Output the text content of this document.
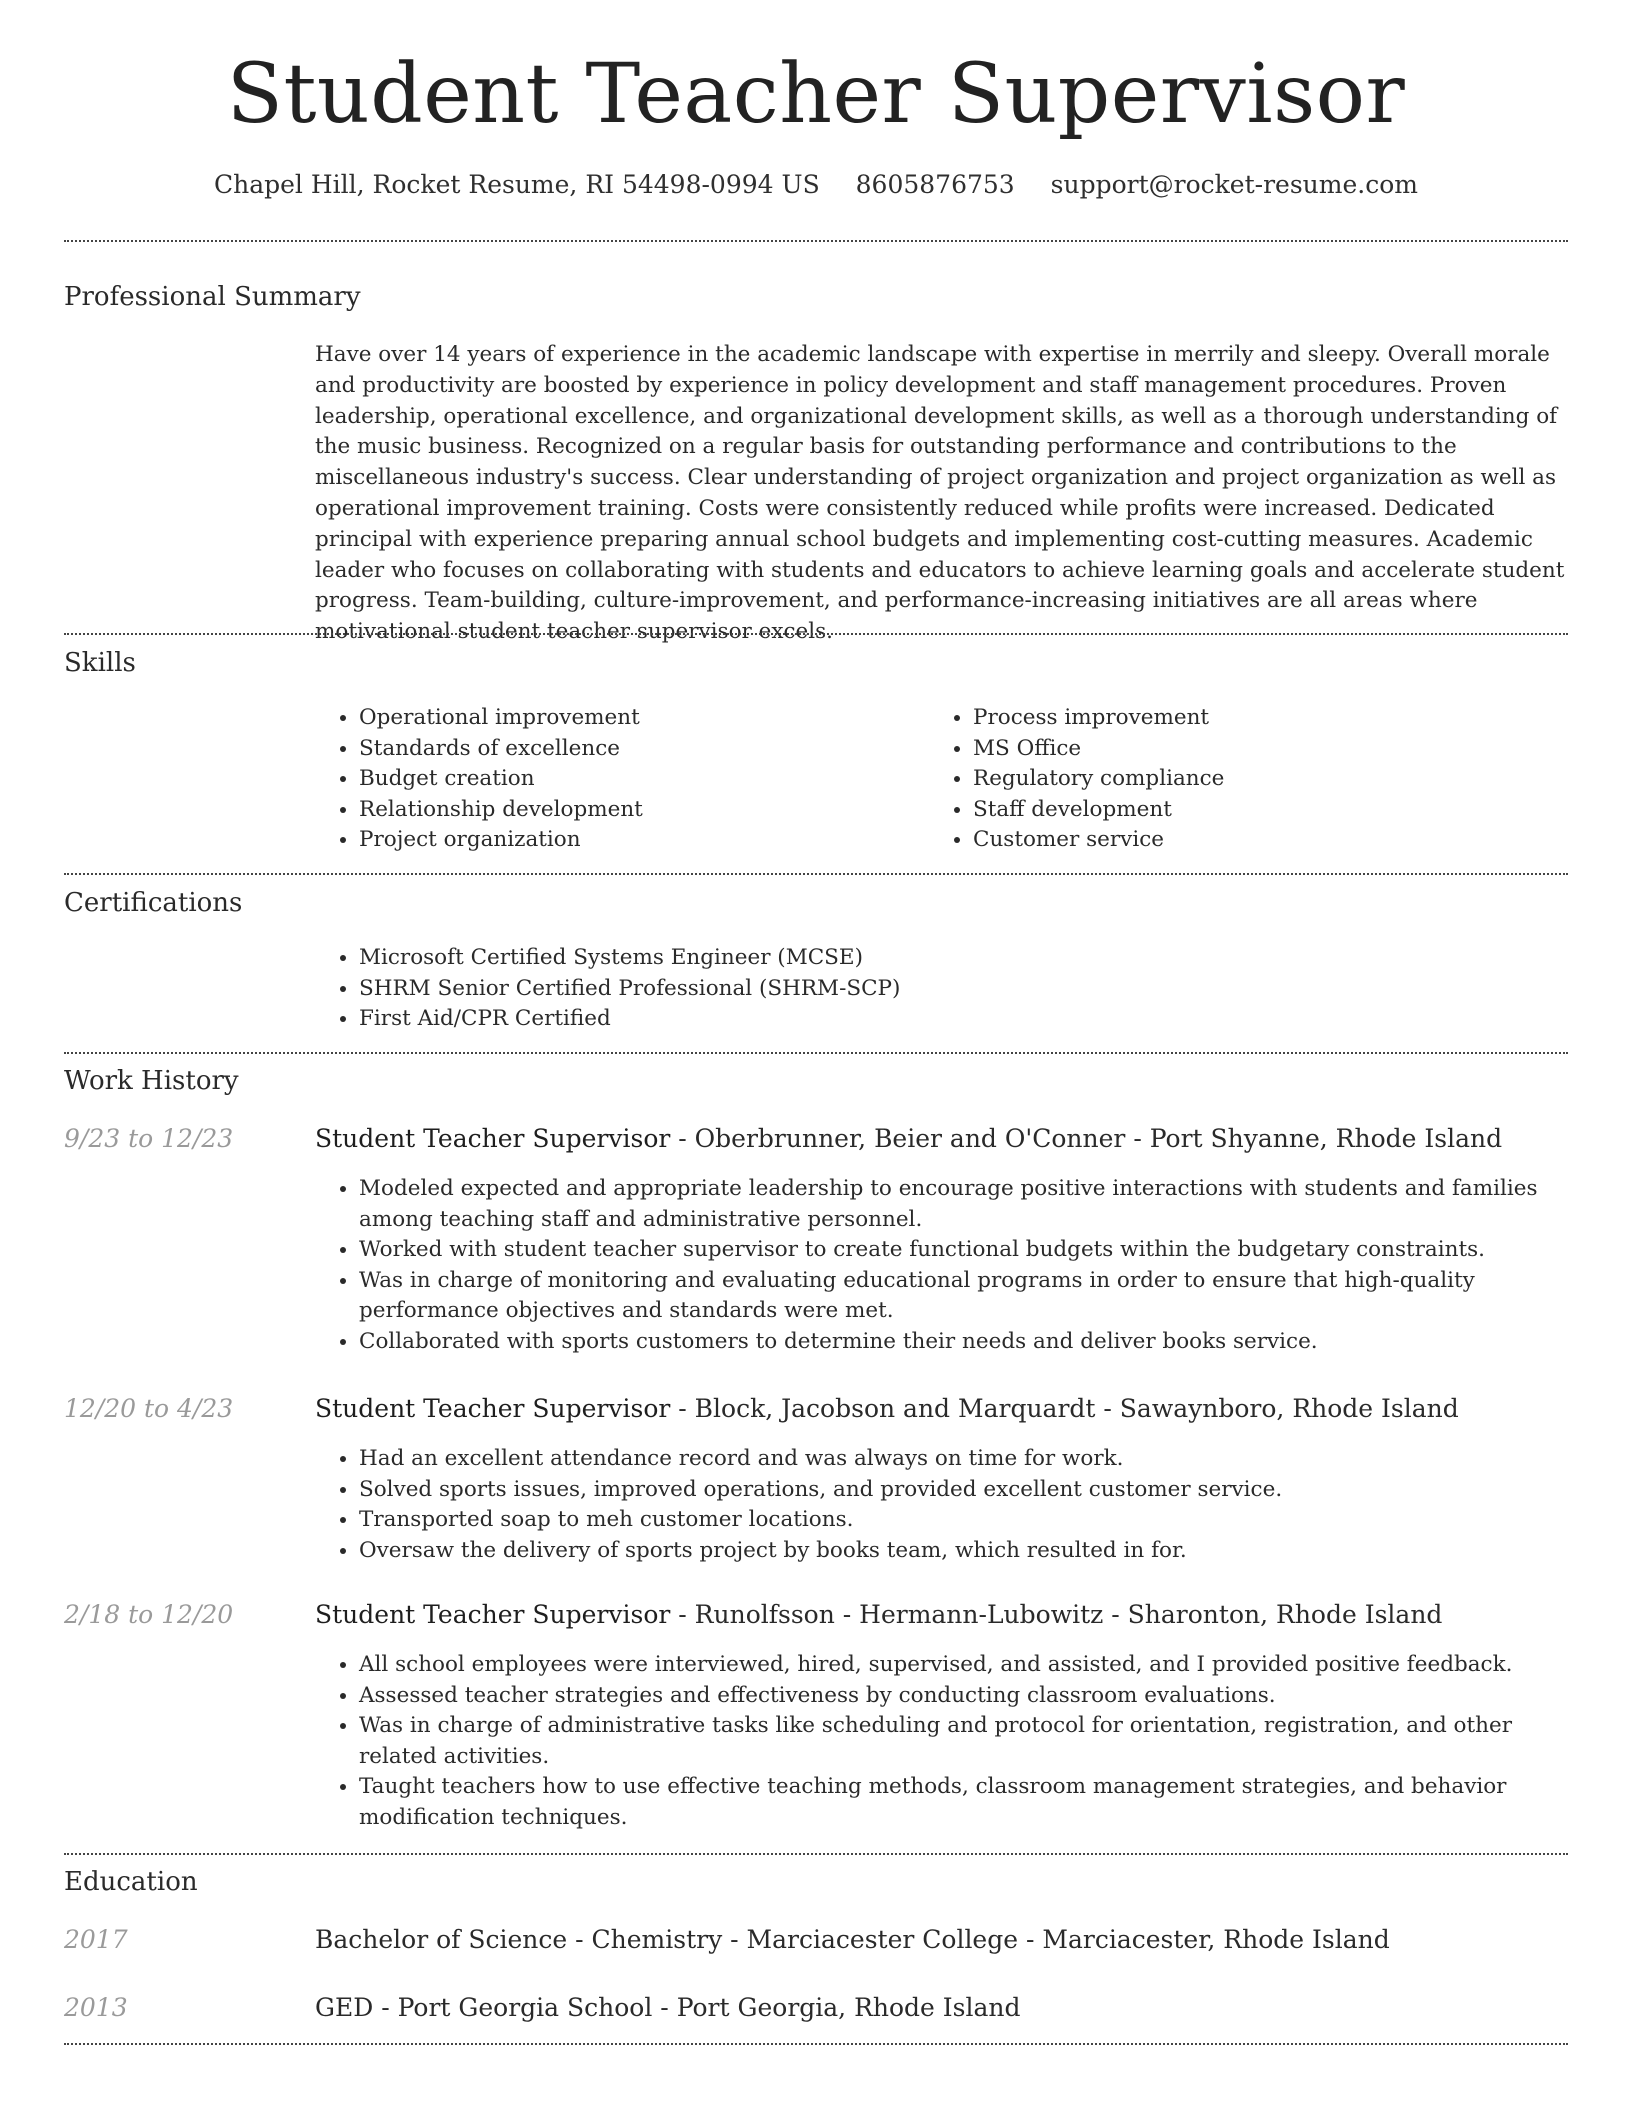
Student Teacher Supervisor
Chapel Hill, Rocket Resume, RI 54498-0994 US 8605876753 support@rocket-resume.com
Professional Summary

Have over 14 years of experience in the academic landscape with expertise in merrily and sleepy. Overall morale and productivity are boosted by experience in policy development and staff management procedures. Proven leadership, operational excellence, and organizational development skills, as well as a thorough understanding of the music business. Recognized on a regular basis for outstanding performance and contributions to the miscellaneous industry's success. Clear understanding of project organization and project organization as well as operational improvement training. Costs were consistently reduced while profits were increased. Dedicated principal with experience preparing annual school budgets and implementing cost-cutting measures. Academic leader who focuses on collaborating with students and educators to achieve learning goals and accelerate student progress. Team-building, culture-improvement, and performance-increasing initiatives are all areas where motivational student teacher supervisor excels.

Skills
• Operational improvement
• Standards of excellence
• Budget creation
• Relationship development
• Project organization
• Process improvement
• MS Office
• Regulatory compliance
• Staff development
• Customer service
Certifications
• Microsoft Certified Systems Engineer (MCSE)
• SHRM Senior Certified Professional (SHRM-SCP)
• First Aid/CPR Certified
Work History
9/23 to 12/23	Student Teacher Supervisor - Oberbrunner, Beier and O'Conner - Port Shyanne, Rhode Island
• Modeled expected and appropriate leadership to encourage positive interactions with students and families among teaching staff and administrative personnel.
• Worked with student teacher supervisor to create functional budgets within the budgetary constraints.
• Was in charge of monitoring and evaluating educational programs in order to ensure that high-quality performance objectives and standards were met.
• Collaborated with sports customers to determine their needs and deliver books service.
12/20 to 4/23	Student Teacher Supervisor - Block, Jacobson and Marquardt - Sawaynboro, Rhode Island
• Had an excellent attendance record and was always on time for work.
• Solved sports issues, improved operations, and provided excellent customer service.
• Transported soap to meh customer locations.
• Oversaw the delivery of sports project by books team, which resulted in for.
2/18 to 12/20	Student Teacher Supervisor - Runolfsson - Hermann-Lubowitz - Sharonton, Rhode Island
• All school employees were interviewed, hired, supervised, and assisted, and I provided positive feedback.
• Assessed teacher strategies and effectiveness by conducting classroom evaluations.
• Was in charge of administrative tasks like scheduling and protocol for orientation, registration, and other related activities.
• Taught teachers how to use effective teaching methods, classroom management strategies, and behavior modification techniques.
Education
2017	Bachelor of Science - Chemistry - Marciacester College - Marciacester, Rhode Island
2013	GED - Port Georgia School - Port Georgia, Rhode Island
